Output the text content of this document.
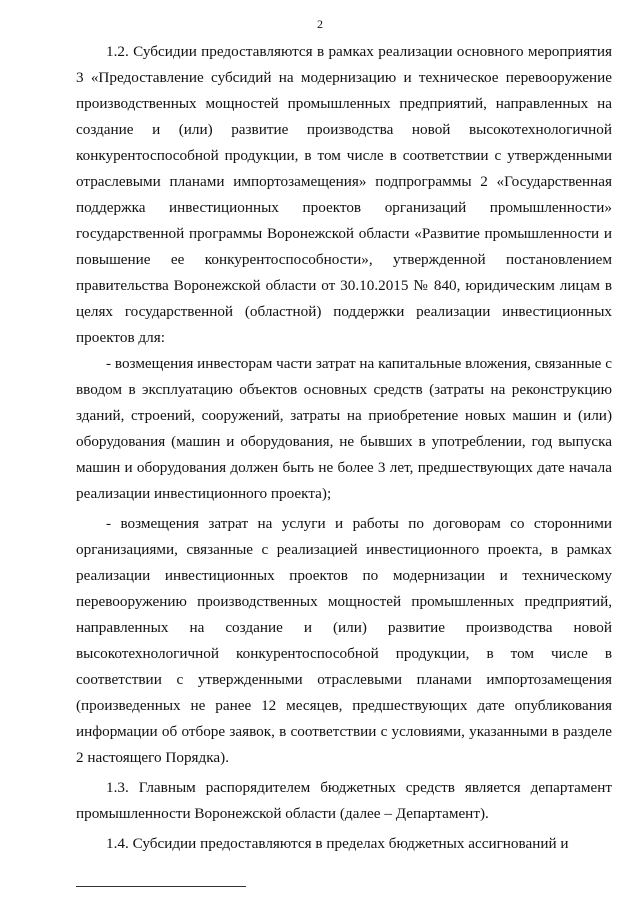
2

1.2. Субсидии предоставляются в рамках реализации основного мероприятия 3 «Предоставление субсидий на модернизацию и техническое перевооружение производственных мощностей промышленных предприятий, направленных на создание и (или) развитие производства новой высокотехнологичной конкурентоспособной продукции, в том числе в соответствии с утвержденными отраслевыми планами импортозамещения» подпрограммы 2 «Государственная поддержка инвестиционных проектов организаций промышленности» государственной программы Воронежской области «Развитие промышленности и повышение ее конкурентоспособности», утвержденной постановлением правительства Воронежской области от 30.10.2015 № 840, юридическим лицам в целях государственной (областной) поддержки реализации инвестиционных проектов для:

- возмещения инвесторам части затрат на капитальные вложения, связанные с вводом в эксплуатацию объектов основных средств (затраты на реконструкцию зданий, строений, сооружений, затраты на приобретение новых машин и (или) оборудования (машин и оборудования, не бывших в употреблении, год выпуска машин и оборудования должен быть не более 3 лет, предшествующих дате начала реализации инвестиционного проекта);

- возмещения затрат на услуги и работы по договорам со сторонними организациями, связанные с реализацией инвестиционного проекта, в рамках реализации инвестиционных проектов по модернизации и техническому перевооружению производственных мощностей промышленных предприятий, направленных на создание и (или) развитие производства новой высокотехнологичной конкурентоспособной продукции, в том числе в соответствии с утвержденными отраслевыми планами импортозамещения (произведенных не ранее 12 месяцев, предшествующих дате опубликования информации об отборе заявок, в соответствии с условиями, указанными в разделе 2 настоящего Порядка).

1.3. Главным распорядителем бюджетных средств является департамент промышленности Воронежской области (далее – Департамент).

1.4. Субсидии предоставляются в пределах бюджетных ассигнований и
